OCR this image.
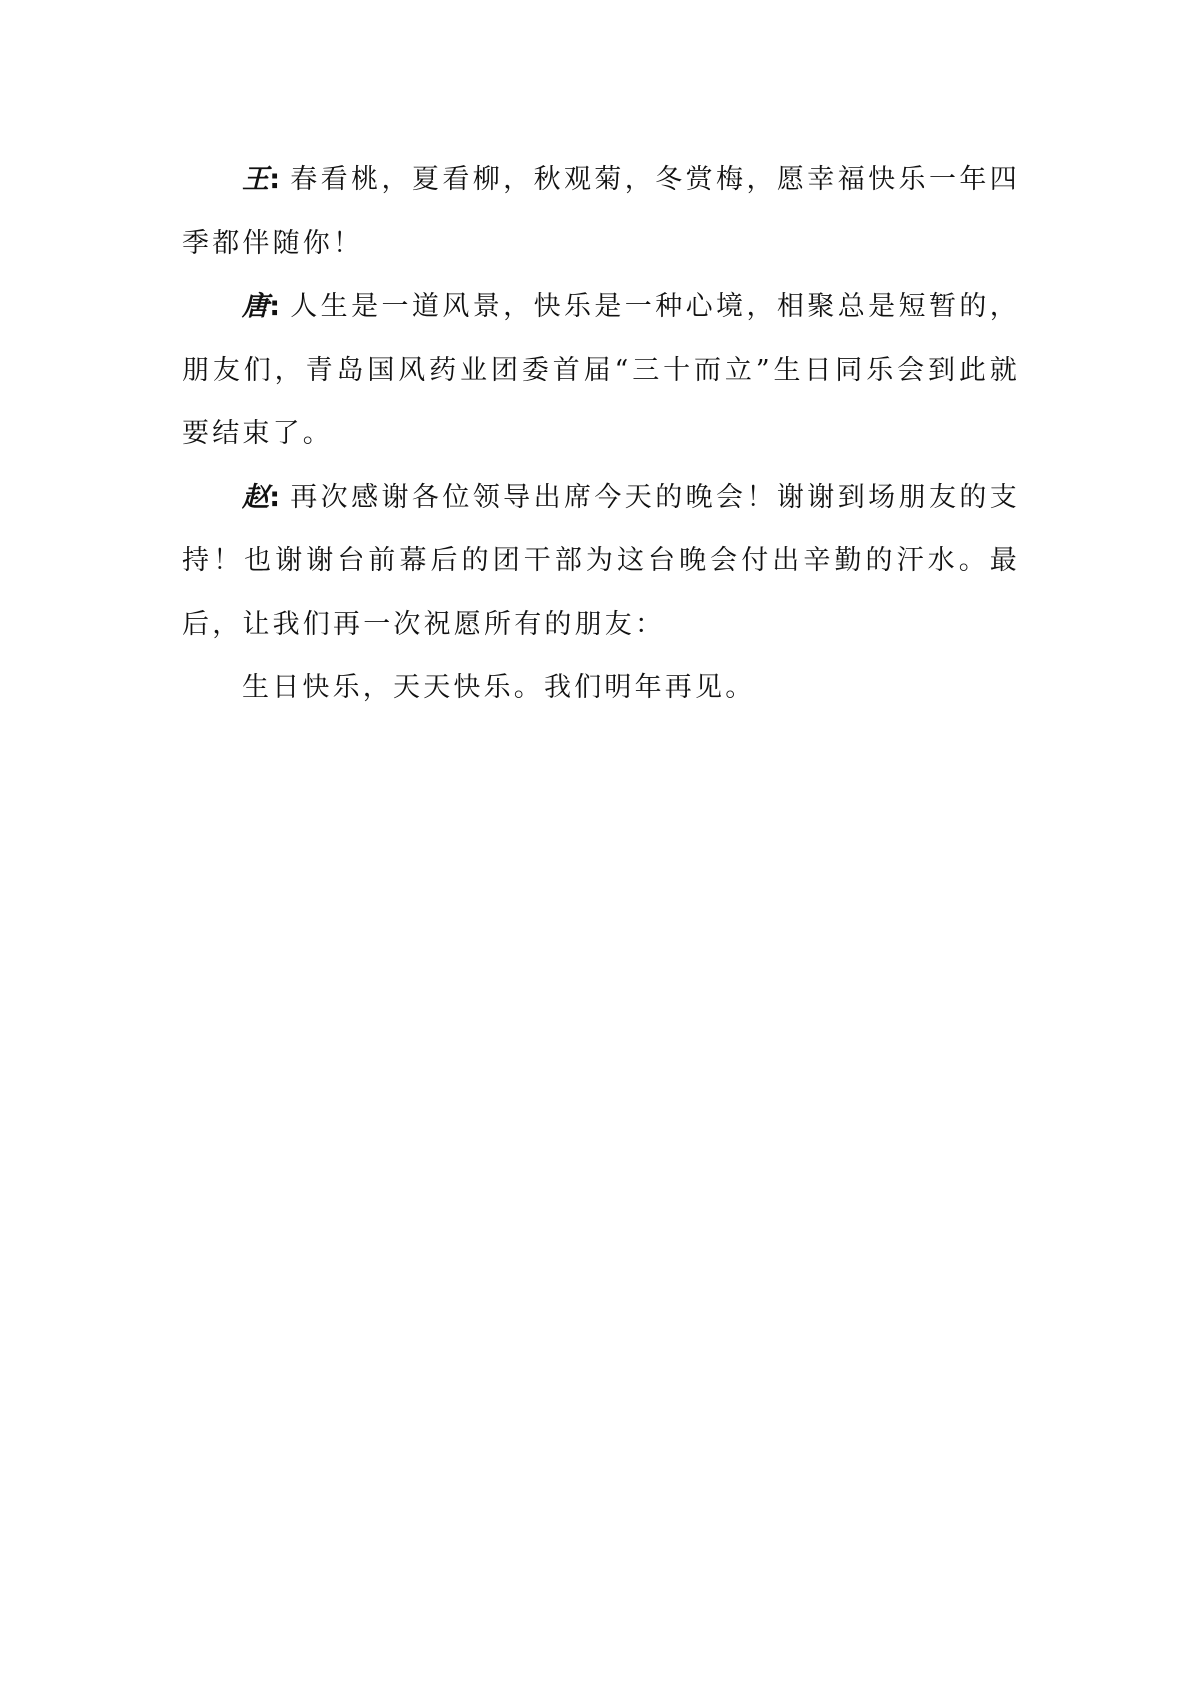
王: 春看桃，夏看柳，秋观菊，冬赏梅，愿幸福快乐一年四季都伴随你！

唐: 人生是一道风景，快乐是一种心境，相聚总是短暂的，朋友们，青岛国风药业团委首届“三十而立”生日同乐会到此就要结束了。

赵: 再次感谢各位领导出席今天的晚会！谢谢到场朋友的支持！也谢谢台前幕后的团干部为这台晚会付出辛勤的汗水。最后，让我们再一次祝愿所有的朋友：

生日快乐，天天快乐。我们明年再见。
